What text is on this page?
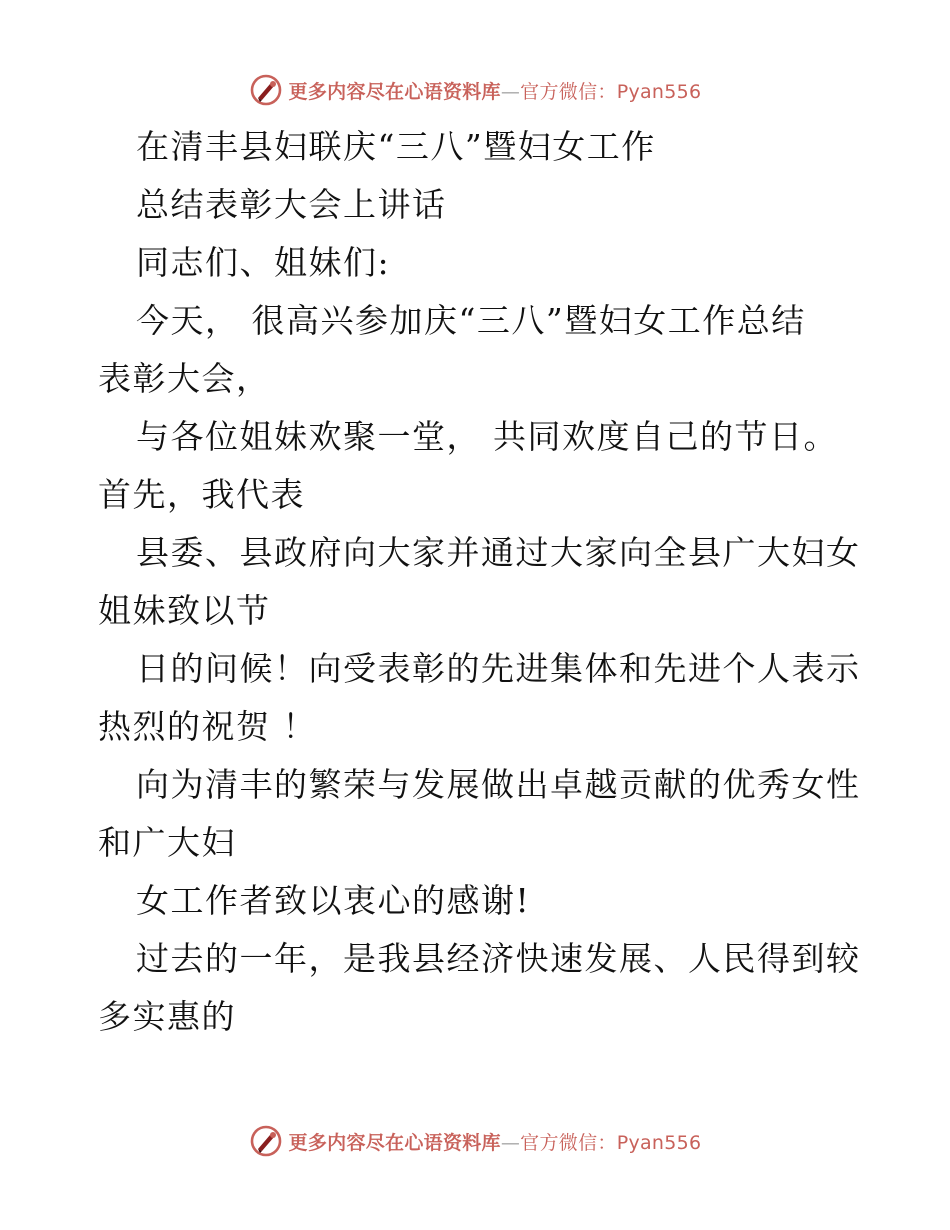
更多内容尽在心语资料库—官方微信：Pyan556
在清丰县妇联庆“三八”暨妇女工作
总结表彰大会上讲话
同志们、姐妹们:
今天， 很高兴参加庆“三八”暨妇女工作总结
表彰大会，
与各位姐妹欢聚一堂， 共同欢度自己的节日。
首先，我代表
县委、县政府向大家并通过大家向全县广大妇女
姐妹致以节
日的问候！向受表彰的先进集体和先进个人表示
热烈的祝贺 ！
向为清丰的繁荣与发展做出卓越贡献的优秀女性
和广大妇
女工作者致以衷心的感谢!
过去的一年，是我县经济快速发展、人民得到较
多实惠的
更多内容尽在心语资料库—官方微信：Pyan556
